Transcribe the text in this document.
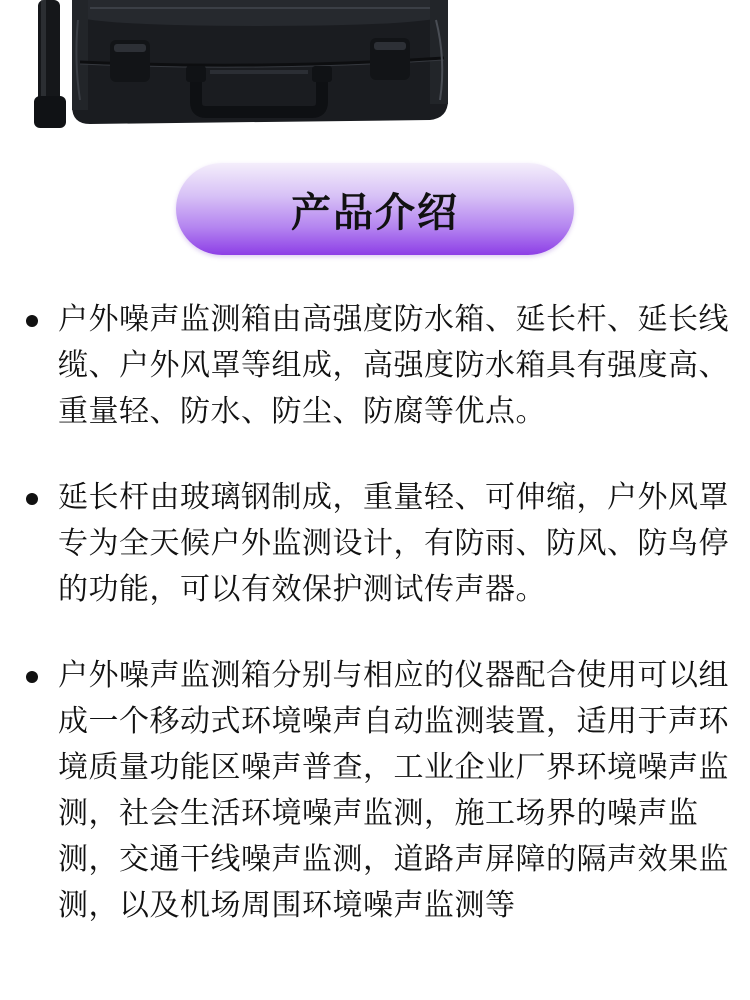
产品介绍
户外噪声监测箱由高强度防水箱、延长杆、延长线缆、户外风罩等组成，高强度防水箱具有强度高、重量轻、防水、防尘、防腐等优点。
延长杆由玻璃钢制成，重量轻、可伸缩，户外风罩专为全天候户外监测设计，有防雨、防风、防鸟停的功能，可以有效保护测试传声器。
户外噪声监测箱分别与相应的仪器配合使用可以组成一个移动式环境噪声自动监测装置，适用于声环境质量功能区噪声普查，工业企业厂界环境噪声监测，社会生活环境噪声监测，施工场界的噪声监测，交通干线噪声监测，道路声屏障的隔声效果监测，以及机场周围环境噪声监测等
